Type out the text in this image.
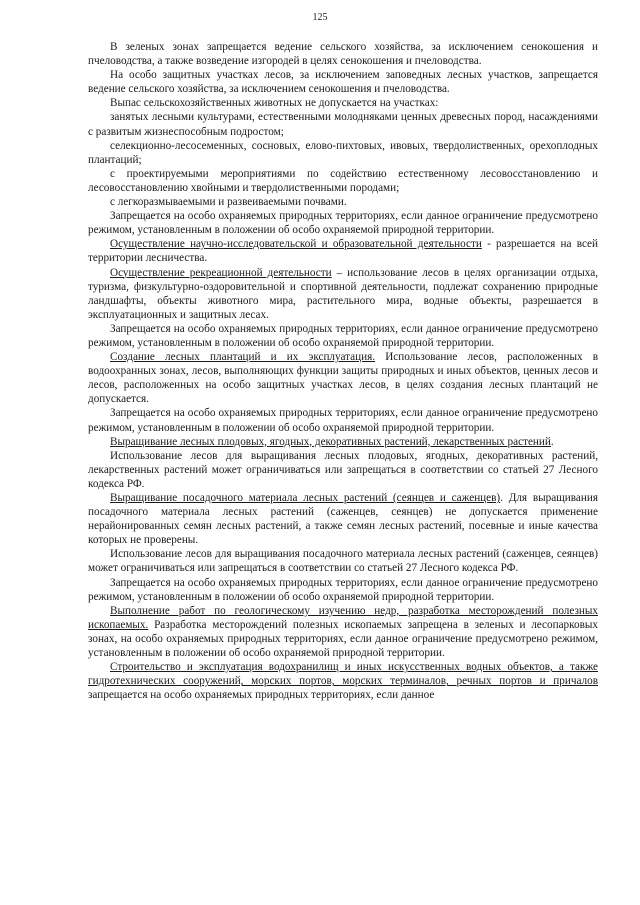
125

В зеленых зонах запрещается ведение сельского хозяйства, за исключением сенокошения и пчеловодства, а также возведение изгородей в целях сенокошения и пчеловодства.

На особо защитных участках лесов, за исключением заповедных лесных участков, запрещается ведение сельского хозяйства, за исключением сенокошения и пчеловодства.

Выпас сельскохозяйственных животных не допускается на участках:

занятых лесными культурами, естественными молодняками ценных древесных пород, насаждениями с развитым жизнеспособным подростом;

селекционно-лесосеменных, сосновых, елово-пихтовых, ивовых, твердолиственных, орехоплодных плантаций;

с проектируемыми мероприятиями по содействию естественному лесовосстановлению и лесовосстановлению хвойными и твердолиственными породами;

с легкоразмываемыми и развеиваемыми почвами.

Запрещается на особо охраняемых природных территориях, если данное ограничение предусмотрено режимом, установленным в положении об особо охраняемой природной территории.

Осуществление научно-исследовательской и образовательной деятельности - разрешается на всей территории лесничества.

Осуществление рекреационной деятельности – использование лесов в целях организации отдыха, туризма, физкультурно-оздоровительной и спортивной деятельности, подлежат сохранению природные ландшафты, объекты животного мира, растительного мира, водные объекты, разрешается в эксплуатационных и защитных лесах.

Запрещается на особо охраняемых природных территориях, если данное ограничение предусмотрено режимом, установленным в положении об особо охраняемой природной территории.

Создание лесных плантаций и их эксплуатация. Использование лесов, расположенных в водоохранных зонах, лесов, выполняющих функции защиты природных и иных объектов, ценных лесов и лесов, расположенных на особо защитных участках лесов, в целях создания лесных плантаций не допускается.

Запрещается на особо охраняемых природных территориях, если данное ограничение предусмотрено режимом, установленным в положении об особо охраняемой природной территории.

Выращивание лесных плодовых, ягодных, декоративных растений, лекарственных растений.

Использование лесов для выращивания лесных плодовых, ягодных, декоративных растений, лекарственных растений может ограничиваться или запрещаться в соответствии со статьей 27 Лесного кодекса РФ.

Выращивание посадочного материала лесных растений (сеянцев и саженцев). Для выращивания посадочного материала лесных растений (саженцев, сеянцев) не допускается применение нерайонированных семян лесных растений, а также семян лесных растений, посевные и иные качества которых не проверены.

Использование лесов для выращивания посадочного материала лесных растений (саженцев, сеянцев) может ограничиваться или запрещаться в соответствии со статьей 27 Лесного кодекса РФ.

Запрещается на особо охраняемых природных территориях, если данное ограничение предусмотрено режимом, установленным в положении об особо охраняемой природной территории.

Выполнение работ по геологическому изучению недр, разработка месторождений полезных ископаемых. Разработка месторождений полезных ископаемых запрещена в зеленых и лесопарковых зонах, на особо охраняемых природных территориях, если данное ограничение предусмотрено режимом, установленным в положении об особо охраняемой природной территории.

Строительство и эксплуатация водохранилищ и иных искусственных водных объектов, а также гидротехнических сооружений, морских портов, морских терминалов, речных портов и причалов запрещается на особо охраняемых природных территориях, если данное
